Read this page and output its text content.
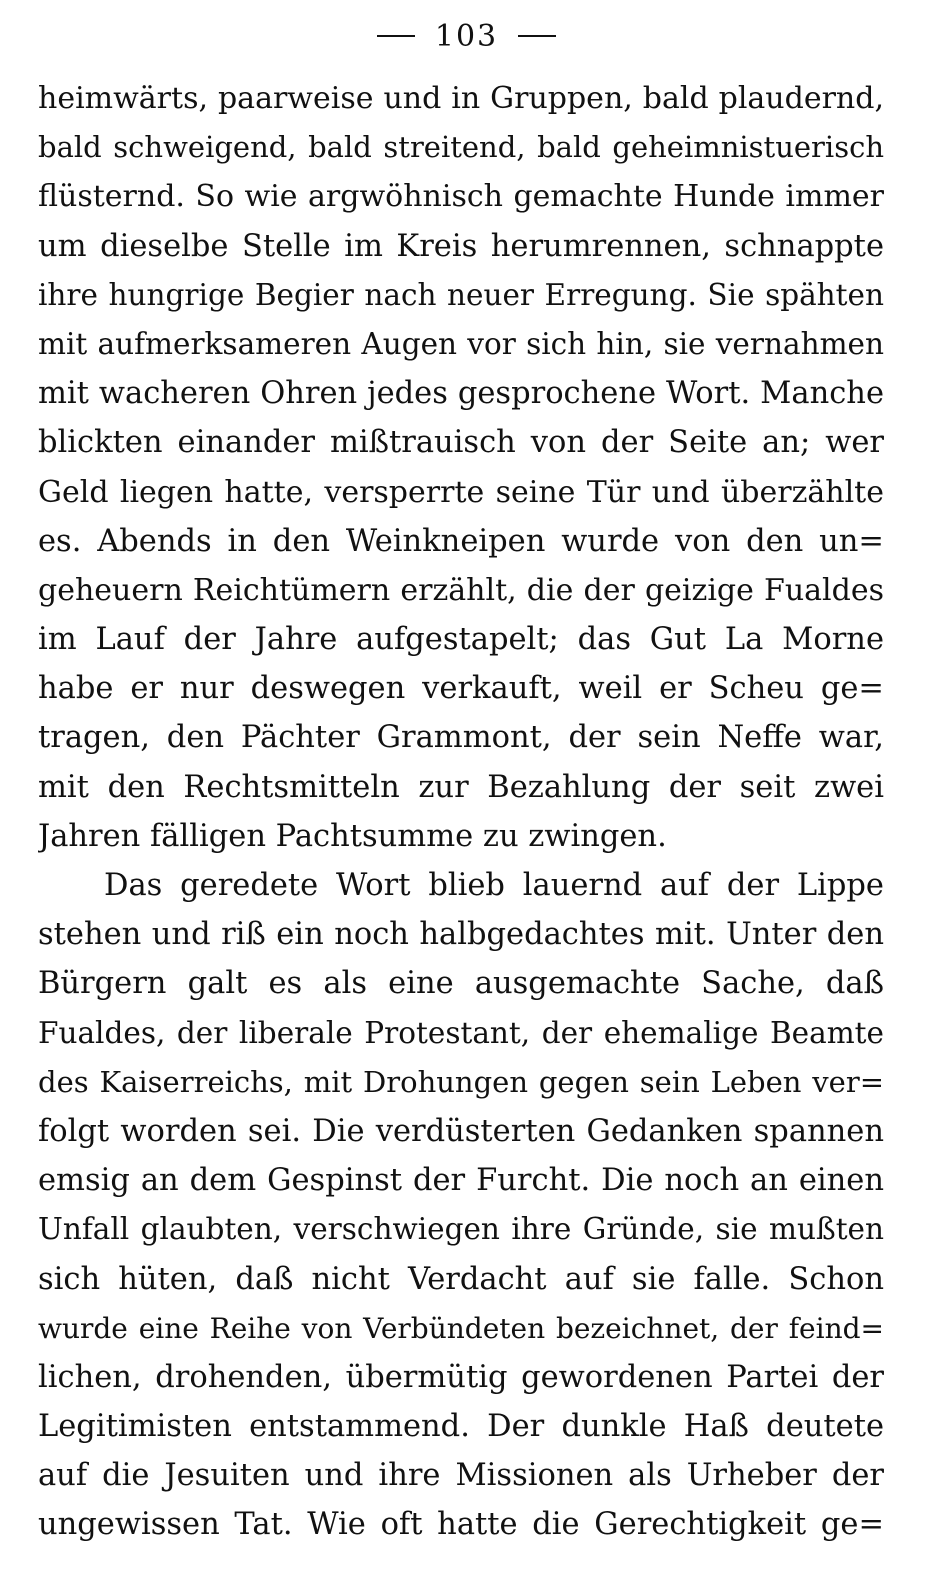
103
heimwärts, paarweise und in Gruppen, bald plaudernd,
bald schweigend, bald streitend, bald geheimnistuerisch
flüsternd. So wie argwöhnisch gemachte Hunde immer
um dieselbe Stelle im Kreis herumrennen, schnappte
ihre hungrige Begier nach neuer Erregung. Sie spähten
mit aufmerksameren Augen vor sich hin, sie vernahmen
mit wacheren Ohren jedes gesprochene Wort. Manche
blickten einander mißtrauisch von der Seite an; wer
Geld liegen hatte, versperrte seine Tür und überzählte
es. Abends in den Weinkneipen wurde von den un=
geheuern Reichtümern erzählt, die der geizige Fualdes
im Lauf der Jahre aufgestapelt; das Gut La Morne
habe er nur deswegen verkauft, weil er Scheu ge=
tragen, den Pächter Grammont, der sein Neffe war,
mit den Rechtsmitteln zur Bezahlung der seit zwei
Jahren fälligen Pachtsumme zu zwingen.
Das geredete Wort blieb lauernd auf der Lippe
stehen und riß ein noch halbgedachtes mit. Unter den
Bürgern galt es als eine ausgemachte Sache, daß
Fualdes, der liberale Protestant, der ehemalige Beamte
des Kaiserreichs, mit Drohungen gegen sein Leben ver=
folgt worden sei. Die verdüsterten Gedanken spannen
emsig an dem Gespinst der Furcht. Die noch an einen
Unfall glaubten, verschwiegen ihre Gründe, sie mußten
sich hüten, daß nicht Verdacht auf sie falle. Schon
wurde eine Reihe von Verbündeten bezeichnet, der feind=
lichen, drohenden, übermütig gewordenen Partei der
Legitimisten entstammend. Der dunkle Haß deutete
auf die Jesuiten und ihre Missionen als Urheber der
ungewissen Tat. Wie oft hatte die Gerechtigkeit ge=
